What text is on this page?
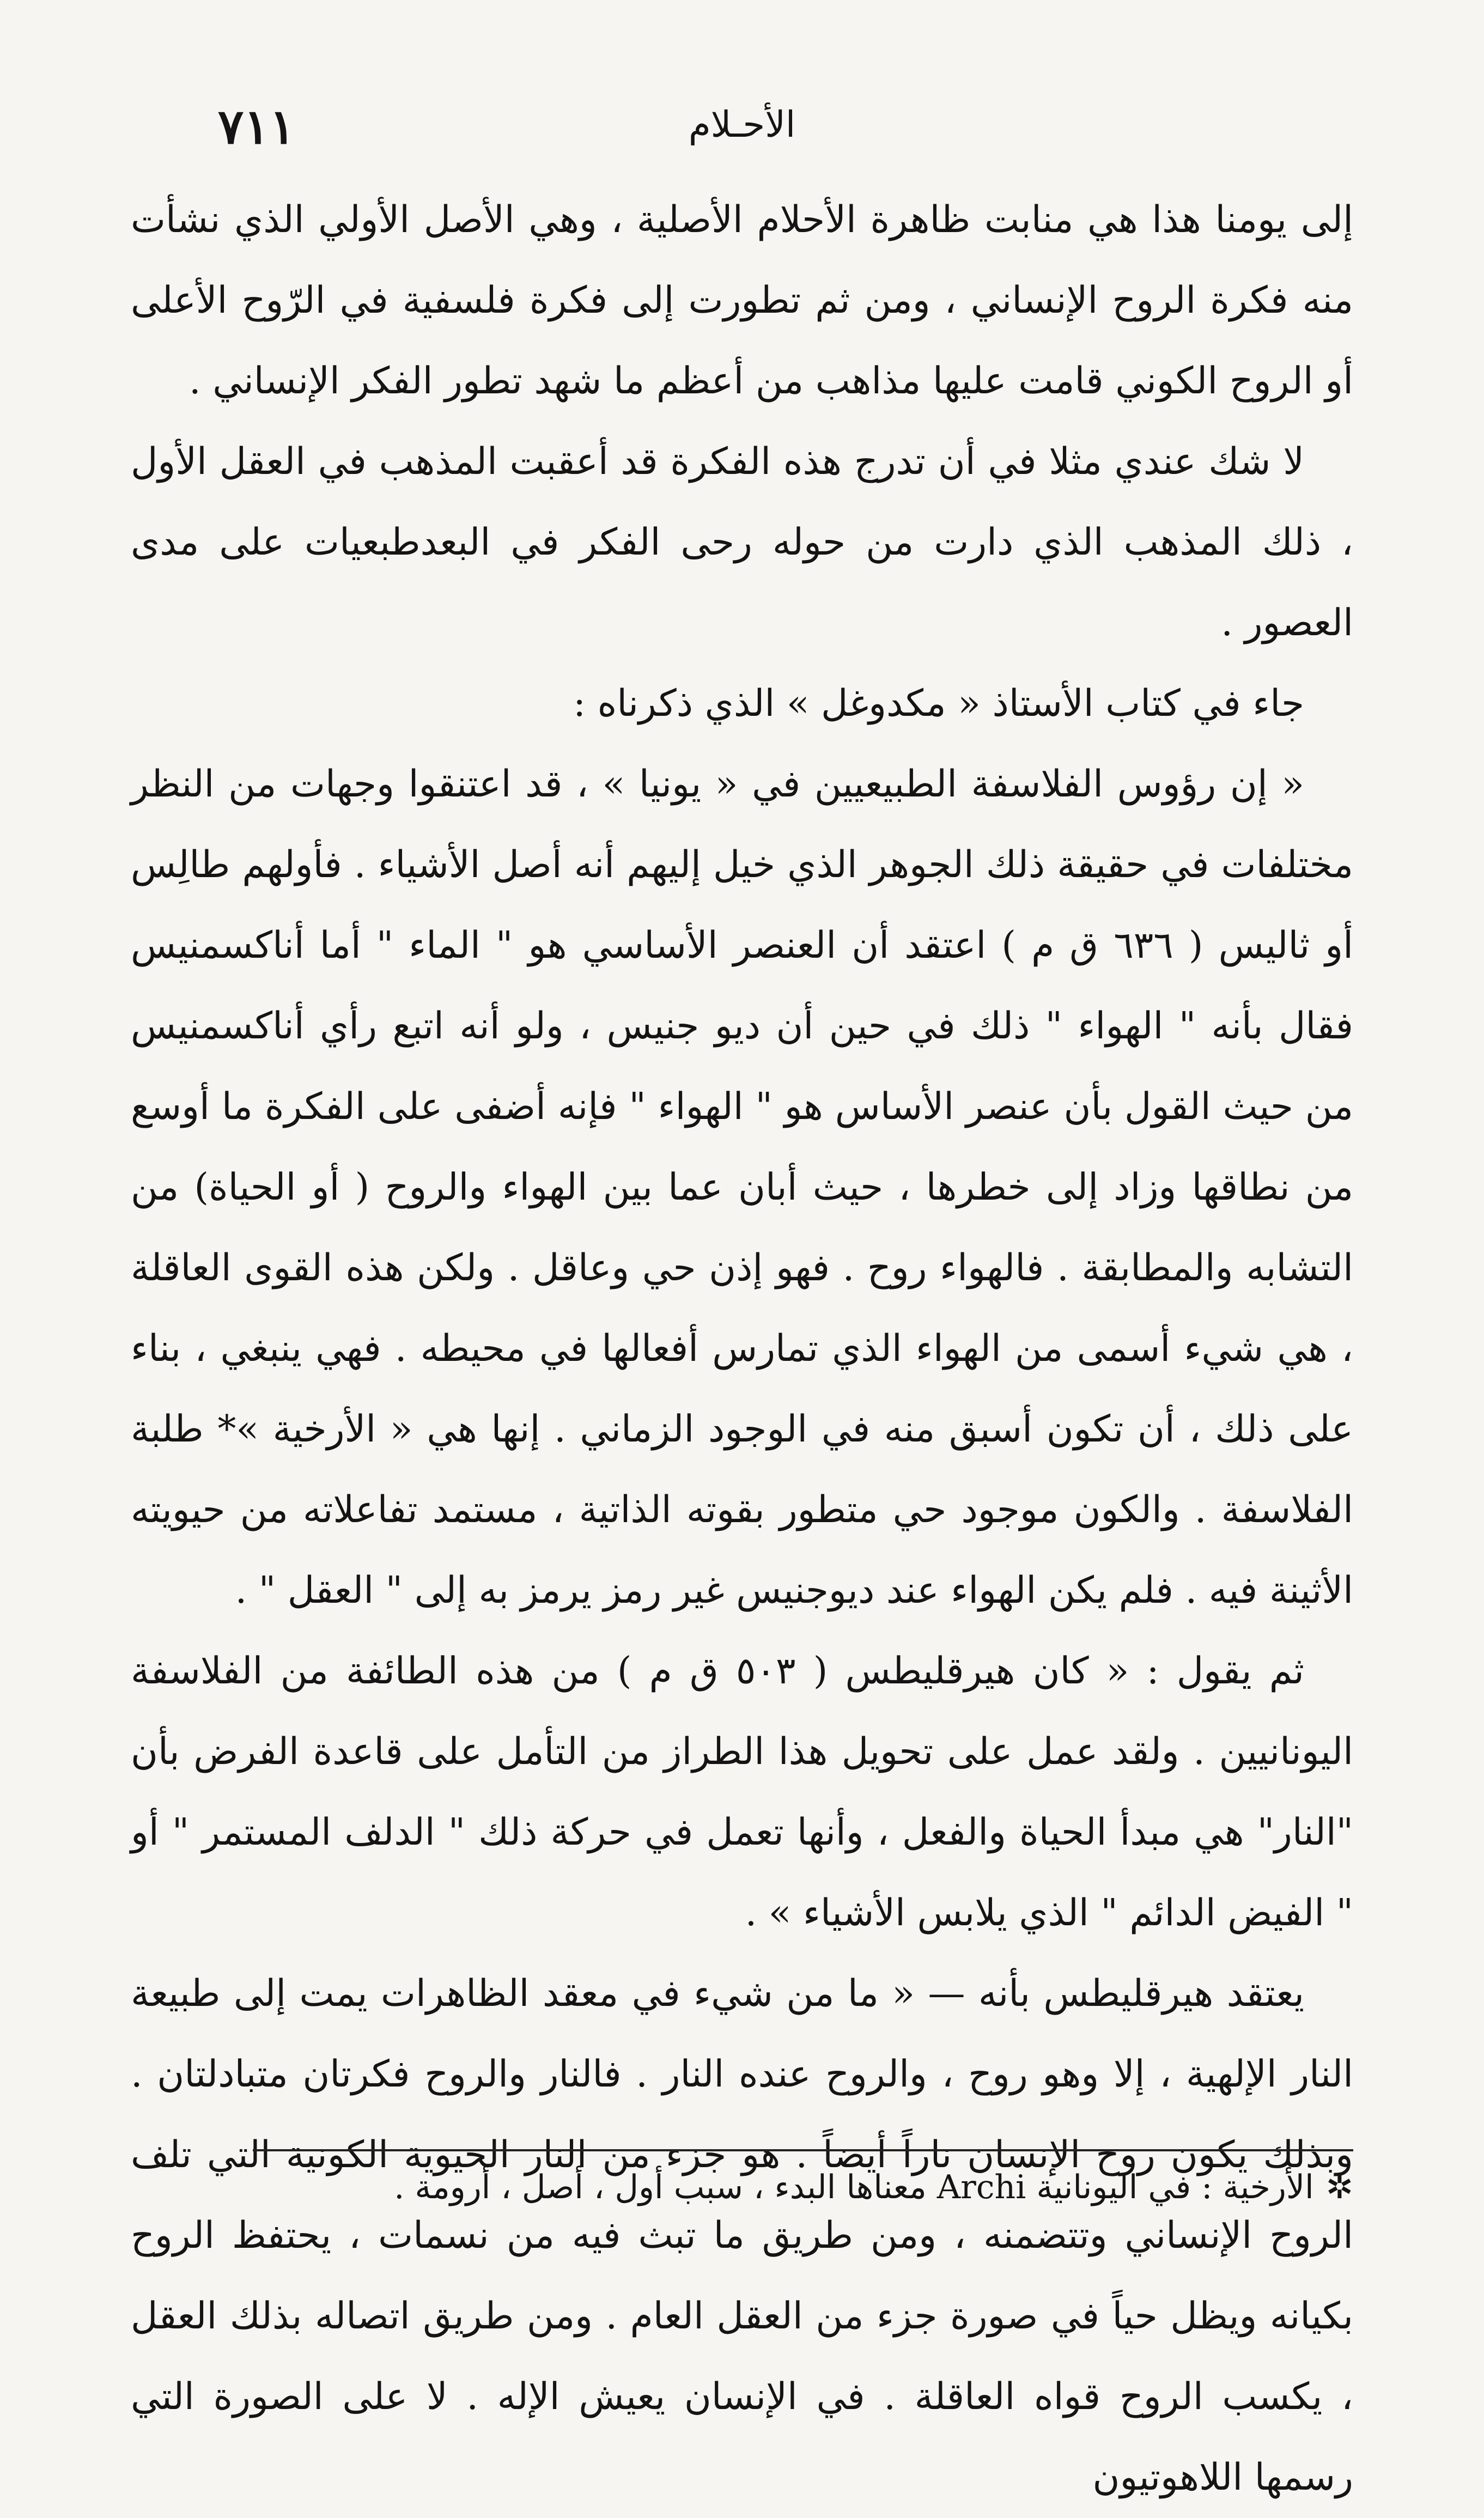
الأحـلام
٧١١

إلى يومنا هذا هي منابت ظاهرة الأحلام الأصلية ، وهي الأصل الأولي الذي نشأت منه فكرة الروح الإنساني ، ومن ثم تطورت إلى فكرة فلسفية في الرّوح الأعلى أو الروح الكوني قامت عليها مذاهب من أعظم ما شهد تطور الفكر الإنساني .

لا شك عندي مثلا في أن تدرج هذه الفكرة قد أعقبت المذهب في العقل الأول ، ذلك المذهب الذي دارت من حوله رحى الفكر في البعدطبعيات على مدى العصور .

جاء في كتاب الأستاذ « مكدوغل » الذي ذكرناه :

« إن رؤوس الفلاسفة الطبيعيين في « يونيا » ، قد اعتنقوا وجهات من النظر مختلفات في حقيقة ذلك الجوهر الذي خيل إليهم أنه أصل الأشياء . فأولهم طالِس أو ثاليس ( ٦٣٦ ق م ) اعتقد أن العنصر الأساسي هو " الماء " أما أناكسمنيس فقال بأنه " الهواء " ذلك في حين أن ديو جنيس ، ولو أنه اتبع رأي أناكسمنيس من حيث القول بأن عنصر الأساس هو " الهواء " فإنه أضفى على الفكرة ما أوسع من نطاقها وزاد إلى خطرها ، حيث أبان عما بين الهواء والروح ( أو الحياة) من التشابه والمطابقة . فالهواء روح . فهو إذن حي وعاقل . ولكن هذه القوى العاقلة ، هي شيء أسمى من الهواء الذي تمارس أفعالها في محيطه . فهي ينبغي ، بناء على ذلك ، أن تكون أسبق منه في الوجود الزماني . إنها هي « الأرخية »* طلبة الفلاسفة . والكون موجود حي متطور بقوته الذاتية ، مستمد تفاعلاته من حيويته الأثينة فيه . فلم يكن الهواء عند ديوجنيس غير رمز يرمز به إلى " العقل " .

ثم يقول : « كان هيرقليطس ( ٥٠٣ ق م ) من هذه الطائفة من الفلاسفة اليونانيين . ولقد عمل على تحويل هذا الطراز من التأمل على قاعدة الفرض بأن "النار" هي مبدأ الحياة والفعل ، وأنها تعمل في حركة ذلك " الدلف المستمر " أو " الفيض الدائم " الذي يلابس الأشياء » .

يعتقد هيرقليطس بأنه — « ما من شيء في معقد الظاهرات يمت إلى طبيعة النار الإلهية ، إلا وهو روح ، والروح عنده النار . فالنار والروح فكرتان متبادلتان . وبذلك يكون روح الإنسان ناراً أيضاً . هو جزء من النار الحيوية الكونية التي تلف الروح الإنساني وتتضمنه ، ومن طريق ما تبث فيه من نسمات ، يحتفظ الروح بكيانه ويظل حياً في صورة جزء من العقل العام . ومن طريق اتصاله بذلك العقل ، يكسب الروح قواه العاقلة . في الإنسان يعيش الإله . لا على الصورة التي رسمها اللاهوتيون

✲الأرخية : في اليونانية Archi معناها البدء ، سبب أول ، أصل ، أرومة .
